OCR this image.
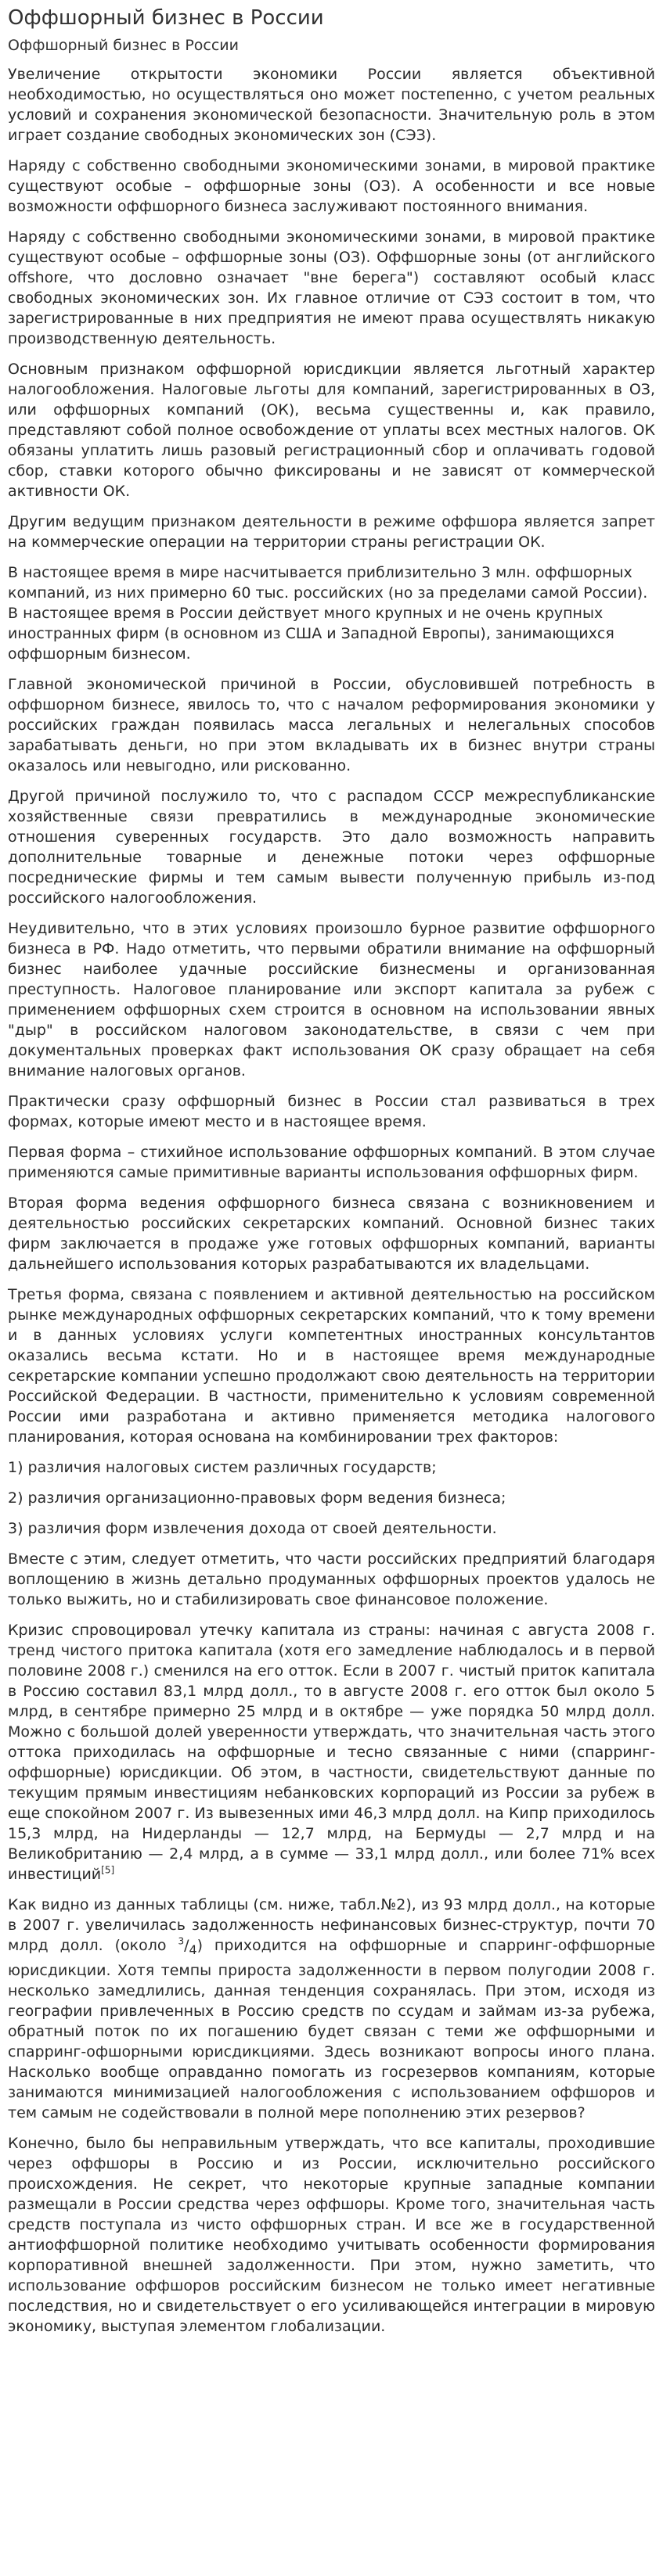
Оффшорный бизнес в России
Оффшорный бизнес в России

Увеличение открытости экономики России является объективной необходимостью, но осуществляться оно может постепенно, с учетом реальных условий и сохранения экономической безопасности. Значительную роль в этом играет создание свободных экономических зон (СЭЗ).

Наряду с собственно свободными экономическими зонами, в мировой практике существуют особые – оффшорные зоны (ОЗ). А особенности и все новые возможности оффшорного бизнеса заслуживают постоянного внимания.

Наряду с собственно свободными экономическими зонами, в мировой практике существуют особые – оффшорные зоны (ОЗ). Оффшорные зоны (от английского offshore, что дословно означает "вне берега") составляют особый класс свободных экономических зон. Их главное отличие от СЭЗ состоит в том, что зарегистрированные в них предприятия не имеют права осуществлять никакую производственную деятельность.

Основным признаком оффшорной юрисдикции является льготный характер налогообложения. Налоговые льготы для компаний, зарегистрированных в ОЗ, или оффшорных компаний (ОК), весьма существенны и, как правило, представляют собой полное освобождение от уплаты всех местных налогов. ОК обязаны уплатить лишь разовый регистрационный сбор и оплачивать годовой сбор, ставки которого обычно фиксированы и не зависят от коммерческой активности ОК.

Другим ведущим признаком деятельности в режиме оффшора является запрет на коммерческие операции на территории страны регистрации ОК.

В настоящее время в мире насчитывается приблизительно 3 млн. оффшорных компаний, из них примерно 60 тыс. российских (но за пределами самой России). В настоящее время в России действует много крупных и не очень крупных иностранных фирм (в основном из США и Западной Европы), занимающихся оффшорным бизнесом.

Главной экономической причиной в России, обусловившей потребность в оффшорном бизнесе, явилось то, что с началом реформирования экономики у российских граждан появилась масса легальных и нелегальных способов зарабатывать деньги, но при этом вкладывать их в бизнес внутри страны оказалось или невыгодно, или рискованно.

Другой причиной послужило то, что с распадом СССР межреспубликанские хозяйственные связи превратились в международные экономические отношения суверенных государств. Это дало возможность направить дополнительные товарные и денежные потоки через оффшорные посреднические фирмы и тем самым вывести полученную прибыль из-под российского налогообложения.

Неудивительно, что в этих условиях произошло бурное развитие оффшорного бизнеса в РФ. Надо отметить, что первыми обратили внимание на оффшорный бизнес наиболее удачные российские бизнесмены и организованная преступность. Налоговое планирование или экспорт капитала за рубеж с применением оффшорных схем строится в основном на использовании явных "дыр" в российском налоговом законодательстве, в связи с чем при документальных проверках факт использования ОК сразу обращает на себя внимание налоговых органов.

Практически сразу оффшорный бизнес в России стал развиваться в трех формах, которые имеют место и в настоящее время.

Первая форма – стихийное использование оффшорных компаний. В этом случае применяются самые примитивные варианты использования оффшорных фирм.

Вторая форма ведения оффшорного бизнеса связана с возникновением и деятельностью российских секретарских компаний. Основной бизнес таких фирм заключается в продаже уже готовых оффшорных компаний, варианты дальнейшего использования которых разрабатываются их владельцами.

Третья форма, связана с появлением и активной деятельностью на российском рынке международных оффшорных секретарских компаний, что к тому времени и в данных условиях услуги компетентных иностранных консультантов оказались весьма кстати. Но и в настоящее время международные секретарские компании успешно продолжают свою деятельность на территории Российской Федерации. В частности, применительно к условиям современной России ими разработана и активно применяется методика налогового планирования, которая основана на комбинировании трех факторов:

1) различия налоговых систем различных государств;

2) различия организационно-правовых форм ведения бизнеса;

3) различия форм извлечения дохода от своей деятельности.

Вместе с этим, следует отметить, что части российских предприятий благодаря воплощению в жизнь детально продуманных оффшорных проектов удалось не только выжить, но и стабилизировать свое финансовое положение.

Кризис спровоцировал утечку капитала из страны: начиная с августа 2008 г. тренд чистого притока капитала (хотя его замедление наблюдалось и в первой половине 2008 г.) сменился на его отток. Если в 2007 г. чистый приток капитала в Россию составил 83,1 млрд долл., то в августе 2008 г. его отток был около 5 млрд, в сентябре примерно 25 млрд и в октябре — уже порядка 50 млрд долл. Можно с большой долей уверенности утверждать, что значительная часть этого оттока приходилась на оффшорные и тесно связанные с ними (спарринг-оффшорные) юрисдикции. Об этом, в частности, свидетельствуют данные по текущим прямым инвестициям небанковских корпораций из России за рубеж в еще спокойном 2007 г. Из вывезенных ими 46,3 млрд долл. на Кипр приходилось 15,3 млрд, на Нидерланды — 12,7 млрд, на Бермуды — 2,7 млрд и на Великобританию — 2,4 млрд, а в сумме — 33,1 млрд долл., или более 71% всех инвестиций[5]

Как видно из данных таблицы (см. ниже, табл.№2), из 93 млрд долл., на которые в 2007 г. увеличилась задолженность нефинансовых бизнес-структур, почти 70 млрд долл. (около $^3/_4$) приходится на оффшорные и спарринг-оффшорные юрисдикции. Хотя темпы прироста задолженности в первом полугодии 2008 г. несколько замедлились, данная тенденция сохранялась. При этом, исходя из географии привлеченных в Россию средств по ссудам и займам из-за рубежа, обратный поток по их погашению будет связан с теми же оффшорными и спарринг-офшорными юрисдикциями. Здесь возникают вопросы иного плана. Насколько вообще оправданно помогать из госрезервов компаниям, которые занимаются минимизацией налогообложения с использованием оффшоров и тем самым не содействовали в полной мере пополнению этих резервов?

Конечно, было бы неправильным утверждать, что все капиталы, проходившие через оффшоры в Россию и из России, исключительно российского происхождения. Не секрет, что некоторые крупные западные компании размещали в России средства через оффшоры. Кроме того, значительная часть средств поступала из чисто оффшорных стран. И все же в государственной антиоффшорной политике необходимо учитывать особенности формирования корпоративной внешней задолженности. При этом, нужно заметить, что использование оффшоров российским бизнесом не только имеет негативные последствия, но и свидетельствует о его усиливающейся интеграции в мировую экономику, выступая элементом глобализации.
